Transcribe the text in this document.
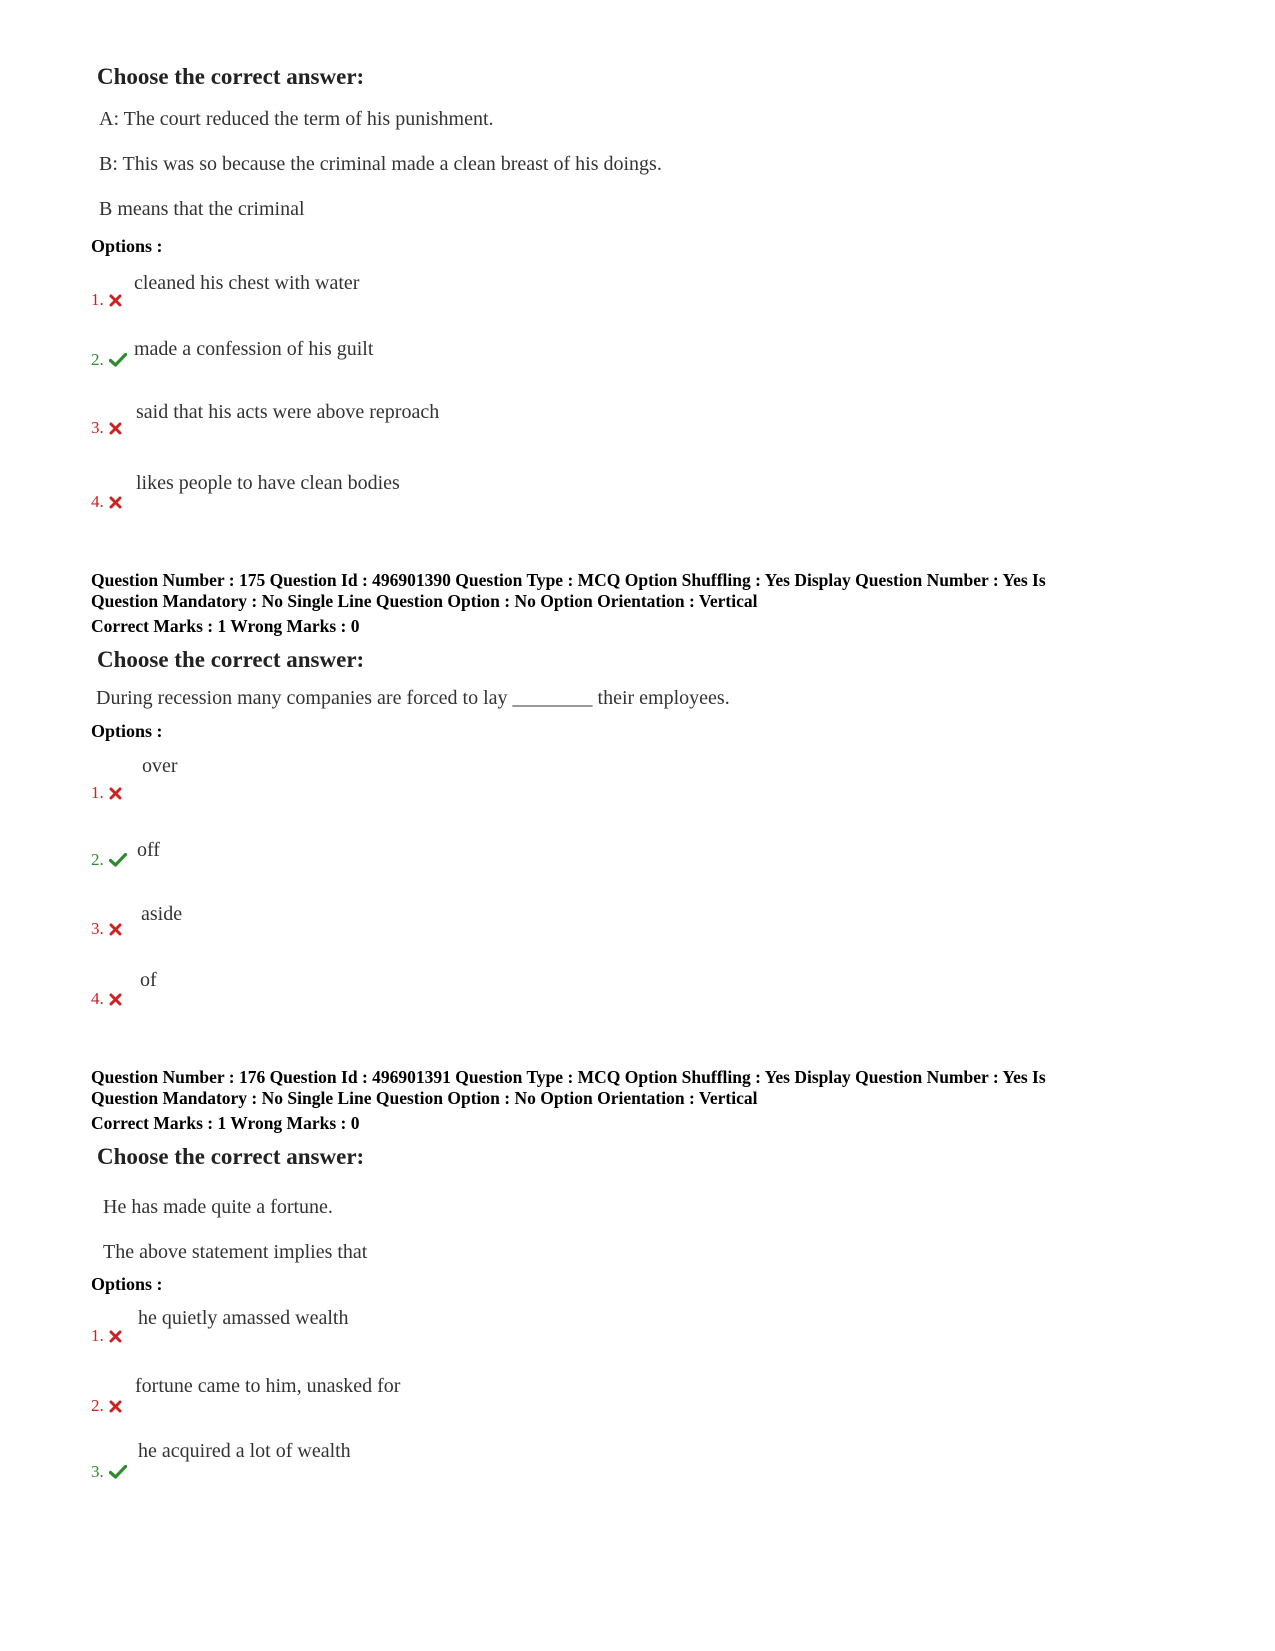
Choose the correct answer:
A: The court reduced the term of his punishment.
B: This was so because the criminal made a clean breast of his doings.
B means that the criminal
Options :
1.
cleaned his chest with water
2.	made a confession of his guilt
3.
said that his acts were above reproach
4.
likes people to have clean bodies
Question Number : 175 Question Id : 496901390 Question Type : MCQ Option Shuffling : Yes Display Question Number : Yes Is
Question Mandatory : No Single Line Question Option : No Option Orientation : Vertical
Correct Marks : 1 Wrong Marks : 0
Choose the correct answer:
During recession many companies are forced to lay ________ their employees.
Options :
1.
over
2.	off
3.
aside
4.
of
Question Number : 176 Question Id : 496901391 Question Type : MCQ Option Shuffling : Yes Display Question Number : Yes Is
Question Mandatory : No Single Line Question Option : No Option Orientation : Vertical
Correct Marks : 1 Wrong Marks : 0
Choose the correct answer:
He has made quite a fortune.
The above statement implies that
Options :
1.
he quietly amassed wealth
2.
fortune came to him, unasked for
3.
he acquired a lot of wealth
